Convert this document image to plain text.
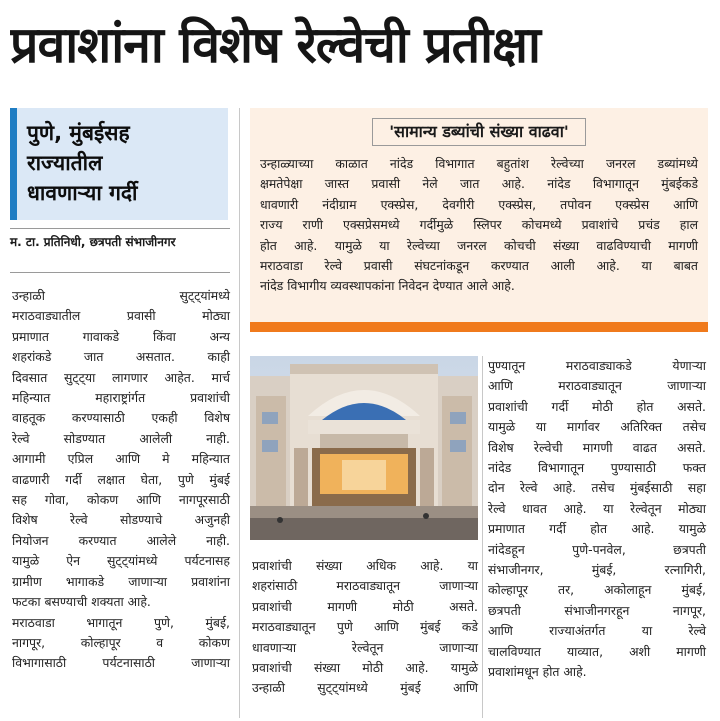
प्रवाशांना विशेष रेल्वेची प्रतीक्षा
पुणे, मुंबईसह
राज्यातील
धावणाऱ्या गर्दी
म. टा. प्रतिनिधी, छत्रपती संभाजीनगर
उन्हाळी सुट्ट्यांमध्ये
मराठवाड्यातील प्रवासी मोठ्या
प्रमाणात गावाकडे किंवा अन्य
शहरांकडे जात असतात. काही
दिवसात सुट्ट्या लागणार आहेत. मार्च
महिन्यात महाराष्ट्रांर्गत प्रवाशांची
वाहतूक करण्यासाठी एकही विशेष
रेल्वे सोडण्यात आलेली नाही.
आगामी एप्रिल आणि मे महिन्यात
वाढणारी गर्दी लक्षात घेता, पुणे मुंबई
सह गोवा, कोकण आणि नागपूरसाठी
विशेष रेल्वे सोडण्याचे अजुनही
नियोजन करण्यात आलेले नाही.
यामुळे ऐन सुट्ट्यांमध्ये पर्यटनासह
ग्रामीण भागाकडे जाणाऱ्या प्रवाशांना
फटका बसण्याची शक्यता आहे.
मराठवाडा भागातून पुणे, मुंबई,
नागपूर, कोल्हापूर व कोकण
विभागासाठी पर्यटनासाठी जाणाऱ्या
'सामान्य डब्यांची संख्या वाढवा'
उन्हाळ्याच्या काळात नांदेड विभागात बहुतांश रेल्वेच्या जनरल डब्यांमध्ये
क्षमतेपेक्षा जास्त प्रवासी नेले जात आहे. नांदेड विभागातून मुंबईकडे
धावणारी नंदीग्राम एक्स्प्रेस, देवगीरी एक्स्प्रेस, तपोवन एक्स्प्रेस आणि
राज्य राणी एक्सप्रेसमध्ये गर्दीमुळे स्लिपर कोचमध्ये प्रवाशांचे प्रचंड हाल
होत आहे. यामुळे या रेल्वेच्या जनरल कोचची संख्या वाढविण्याची मागणी
मराठवाडा रेल्वे प्रवासी संघटनांकडून करण्यात आली आहे. या बाबत
नांदेड विभागीय व्यवस्थापकांना निवेदन देण्यात आले आहे.
प्रवाशांची संख्या अधिक आहे. या
शहरांसाठी मराठवाड्यातून जाणाऱ्या
प्रवाशांची मागणी मोठी असते.
मराठवाड्यातून पुणे आणि मुंबई कडे
धावणाऱ्या रेल्वेतून जाणाऱ्या
प्रवाशांची संख्या मोठी आहे. यामुळे
उन्हाळी सुट्ट्यांमध्ये मुंबई आणि
पुण्यातून मराठवाड्याकडे येणाऱ्या
आणि मराठवाड्यातून जाणाऱ्या
प्रवाशांची गर्दी मोठी होत असते.
यामुळे या मार्गावर अतिरिक्त तसेच
विशेष रेल्वेची मागणी वाढत असते.
नांदेड विभागातून पुण्यासाठी फक्त
दोन रेल्वे आहे. तसेच मुंबईसाठी सहा
रेल्वे धावत आहे. या रेल्वेतून मोठ्या
प्रमाणात गर्दी होत आहे. यामुळे
नांदेडहून पुणे-पनवेल, छत्रपती
संभाजीनगर, मुंबई, रत्नागिरी,
कोल्हापूर तर, अकोलाहून मुंबई,
छत्रपती संभाजीनगरहून नागपूर,
आणि राज्याअंतर्गत या रेल्वे
चालविण्यात याव्यात, अशी मागणी
प्रवाशांमधून होत आहे.
